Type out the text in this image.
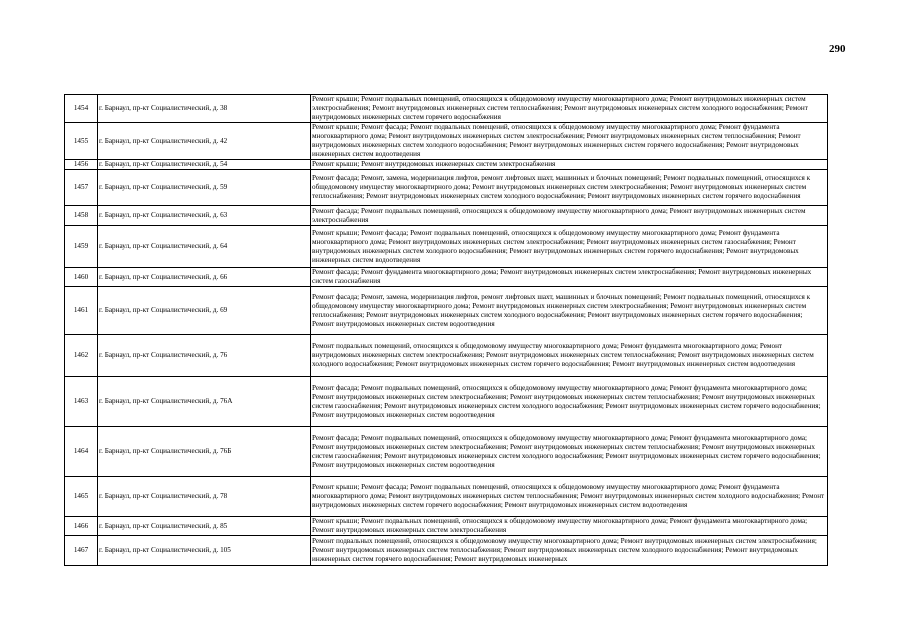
290
1454	г. Барнаул, пр-кт Социалистический, д. 38	Ремонт крыши; Ремонт подвальных помещений, относящихся к общедомовому имуществу многоквартирного дома; Ремонт внутридомовых инженерных систем электроснабжения; Ремонт внутридомовых инженерных систем теплоснабжения; Ремонт внутридомовых инженерных систем холодного водоснабжения; Ремонт внутридомовых инженерных систем горячего водоснабжения
1455	г. Барнаул, пр-кт Социалистический, д. 42	Ремонт крыши; Ремонт фасада; Ремонт подвальных помещений, относящихся к общедомовому имуществу многоквартирного дома; Ремонт фундамента многоквартирного дома; Ремонт внутридомовых инженерных систем электроснабжения; Ремонт внутридомовых инженерных систем теплоснабжения; Ремонт внутридомовых инженерных систем холодного водоснабжения; Ремонт внутридомовых инженерных систем горячего водоснабжения; Ремонт внутридомовых инженерных систем водоотведения
1456	г. Барнаул, пр-кт Социалистический, д. 54	Ремонт крыши; Ремонт внутридомовых инженерных систем электроснабжения
1457	г. Барнаул, пр-кт Социалистический, д. 59	Ремонт фасада; Ремонт, замена, модернизация лифтов, ремонт лифтовых шахт, машинных и блочных помещений; Ремонт подвальных помещений, относящихся к общедомовому имуществу многоквартирного дома; Ремонт внутридомовых инженерных систем электроснабжения; Ремонт внутридомовых инженерных систем теплоснабжения; Ремонт внутридомовых инженерных систем холодного водоснабжения; Ремонт внутридомовых инженерных систем горячего водоснабжения
1458	г. Барнаул, пр-кт Социалистический, д. 63	Ремонт фасада; Ремонт подвальных помещений, относящихся к общедомовому имуществу многоквартирного дома; Ремонт внутридомовых инженерных систем электроснабжения
1459	г. Барнаул, пр-кт Социалистический, д. 64	Ремонт крыши; Ремонт фасада; Ремонт подвальных помещений, относящихся к общедомовому имуществу многоквартирного дома; Ремонт фундамента многоквартирного дома; Ремонт внутридомовых инженерных систем электроснабжения; Ремонт внутридомовых инженерных систем газоснабжения; Ремонт внутридомовых инженерных систем холодного водоснабжения; Ремонт внутридомовых инженерных систем горячего водоснабжения; Ремонт внутридомовых инженерных систем водоотведения
1460	г. Барнаул, пр-кт Социалистический, д. 66	Ремонт фасада; Ремонт фундамента многоквартирного дома; Ремонт внутридомовых инженерных систем электроснабжения; Ремонт внутридомовых инженерных систем газоснабжения
1461	г. Барнаул, пр-кт Социалистический, д. 69	Ремонт фасада; Ремонт, замена, модернизация лифтов, ремонт лифтовых шахт, машинных и блочных помещений; Ремонт подвальных помещений, относящихся к общедомовому имуществу многоквартирного дома; Ремонт внутридомовых инженерных систем электроснабжения; Ремонт внутридомовых инженерных систем теплоснабжения; Ремонт внутридомовых инженерных систем холодного водоснабжения; Ремонт внутридомовых инженерных систем горячего водоснабжения; Ремонт внутридомовых инженерных систем водоотведения
1462	г. Барнаул, пр-кт Социалистический, д. 76	Ремонт подвальных помещений, относящихся к общедомовому имуществу многоквартирного дома; Ремонт фундамента многоквартирного дома; Ремонт внутридомовых инженерных систем электроснабжения; Ремонт внутридомовых инженерных систем теплоснабжения; Ремонт внутридомовых инженерных систем холодного водоснабжения; Ремонт внутридомовых инженерных систем горячего водоснабжения; Ремонт внутридомовых инженерных систем водоотведения
1463	г. Барнаул, пр-кт Социалистический, д. 76А	Ремонт фасада; Ремонт подвальных помещений, относящихся к общедомовому имуществу многоквартирного дома; Ремонт фундамента многоквартирного дома; Ремонт внутридомовых инженерных систем электроснабжения; Ремонт внутридомовых инженерных систем теплоснабжения; Ремонт внутридомовых инженерных систем газоснабжения; Ремонт внутридомовых инженерных систем холодного водоснабжения; Ремонт внутридомовых инженерных систем горячего водоснабжения; Ремонт внутридомовых инженерных систем водоотведения
1464	г. Барнаул, пр-кт Социалистический, д. 76Б	Ремонт фасада; Ремонт подвальных помещений, относящихся к общедомовому имуществу многоквартирного дома; Ремонт фундамента многоквартирного дома; Ремонт внутридомовых инженерных систем электроснабжения; Ремонт внутридомовых инженерных систем теплоснабжения; Ремонт внутридомовых инженерных систем газоснабжения; Ремонт внутридомовых инженерных систем холодного водоснабжения; Ремонт внутридомовых инженерных систем горячего водоснабжения; Ремонт внутридомовых инженерных систем водоотведения
1465	г. Барнаул, пр-кт Социалистический, д. 78	Ремонт крыши; Ремонт фасада; Ремонт подвальных помещений, относящихся к общедомовому имуществу многоквартирного дома; Ремонт фундамента многоквартирного дома; Ремонт внутридомовых инженерных систем теплоснабжения; Ремонт внутридомовых инженерных систем холодного водоснабжения; Ремонт внутридомовых инженерных систем горячего водоснабжения; Ремонт внутридомовых инженерных систем водоотведения
1466	г. Барнаул, пр-кт Социалистический, д. 85	Ремонт крыши; Ремонт подвальных помещений, относящихся к общедомовому имуществу многоквартирного дома; Ремонт фундамента многоквартирного дома; Ремонт внутридомовых инженерных систем электроснабжения
1467	г. Барнаул, пр-кт Социалистический, д. 105	Ремонт подвальных помещений, относящихся к общедомовому имуществу многоквартирного дома; Ремонт внутридомовых инженерных систем электроснабжения; Ремонт внутридомовых инженерных систем теплоснабжения; Ремонт внутридомовых инженерных систем холодного водоснабжения; Ремонт внутридомовых инженерных систем горячего водоснабжения; Ремонт внутридомовых инженерных
